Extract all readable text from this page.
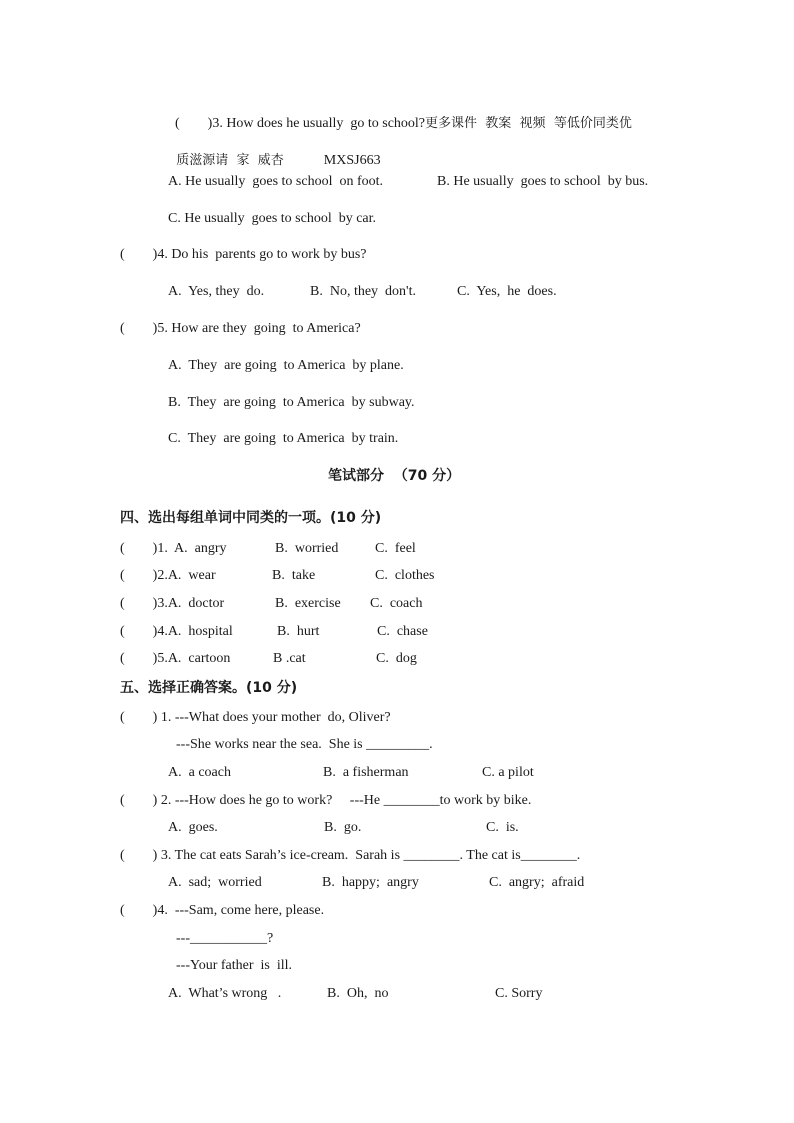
(        )3. How does he usually  go to school?更多课件  教案  视频  等低价同类优

质滋源请  家  威杏	MXSJ663

A. He usually  goes to school  on foot.	B. He usually  goes to school  by bus.
C. He usually  goes to school  by car.
(        )4. Do his  parents go to work by bus?
A.  Yes, they  do.	B.  No, they  don't.	C.  Yes,  he  does.
(        )5. How are they  going  to America?
A.  They  are going  to America  by plane.
B.  They  are going  to America  by subway.
C.  They  are going  to America  by train.
笔试部分  （70 分）
四、选出每组单词中同类的一项。(10 分)
(        )1.  A.  angry	B.  worried	C.  feel
(        )2.A.  wear	B.  take	C.  clothes
(        )3.A.  doctor	B.  exercise C.  coach
(        )4.A.  hospital	B.  hurt	C.  chase
(        )5.A.  cartoon	B .cat	C.  dog
五、选择正确答案。(10 分)
(        ) 1. ---What does your mother  do, Oliver?
---She works near the sea.  She is _________.
A.  a coach	B.  a fisherman	C. a pilot
(        ) 2. ---How does he go to work?     ---He ________to work by bike.
A.  goes.	B.  go.	C.  is.
(        ) 3. The cat eats Sarah’s ice-cream.  Sarah is ________. The cat is________.
A.  sad;  worried	B.  happy;  angry	C.  angry;  afraid
(        )4.  ---Sam, come here, please.
---___________?
---Your father  is  ill.
A.  What’s wrong   .	B.  Oh,  no	C. Sorry
